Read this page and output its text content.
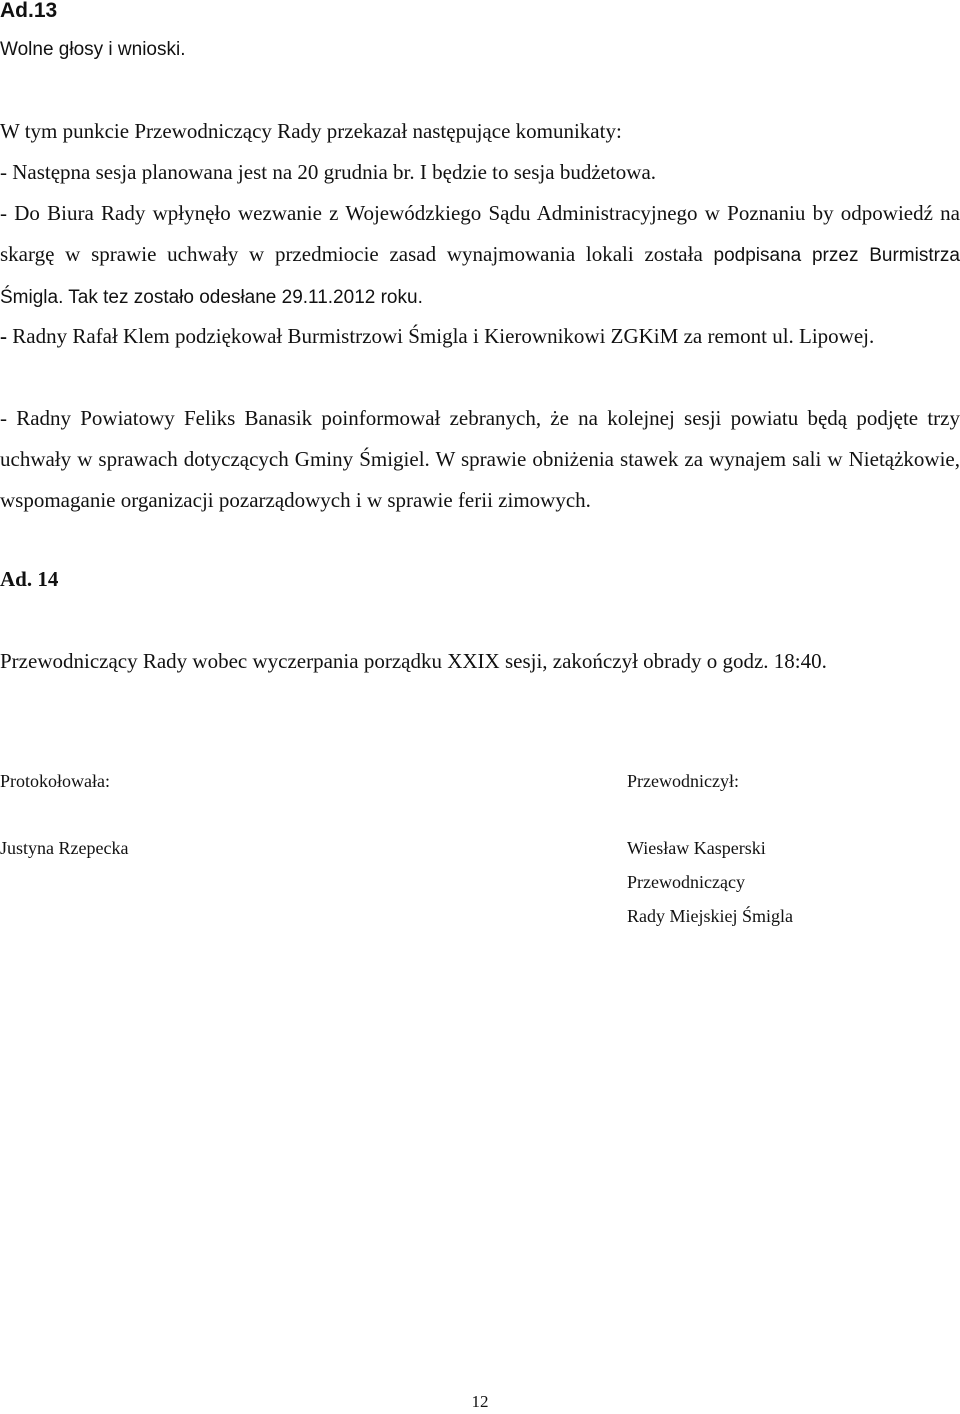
Ad.13
Wolne głosy i wnioski.
W tym punkcie Przewodniczący Rady przekazał następujące komunikaty:
- Następna sesja planowana jest na 20 grudnia br. I będzie to sesja budżetowa.
- Do Biura Rady wpłynęło wezwanie z Wojewódzkiego Sądu Administracyjnego w Poznaniu by odpowiedź na skargę w sprawie uchwały w przedmiocie zasad wynajmowania lokali została podpisana przez Burmistrza Śmigla. Tak tez zostało odesłane 29.11.2012 roku.
- Radny Rafał Klem podziękował Burmistrzowi Śmigla i Kierownikowi ZGKiM za remont ul. Lipowej.
- Radny Powiatowy Feliks Banasik poinformował zebranych, że na kolejnej sesji powiatu będą podjęte trzy uchwały w sprawach dotyczących Gminy Śmigiel. W sprawie obniżenia stawek za wynajem sali w Nietążkowie, wspomaganie organizacji pozarządowych i w sprawie ferii zimowych.
Ad. 14
Przewodniczący Rady wobec wyczerpania porządku XXIX sesji, zakończył obrady o godz. 18:40.
Protokołowała:
Justyna Rzepecka
Przewodniczył:
Wiesław Kasperski
Przewodniczący
Rady Miejskiej Śmigla
12
